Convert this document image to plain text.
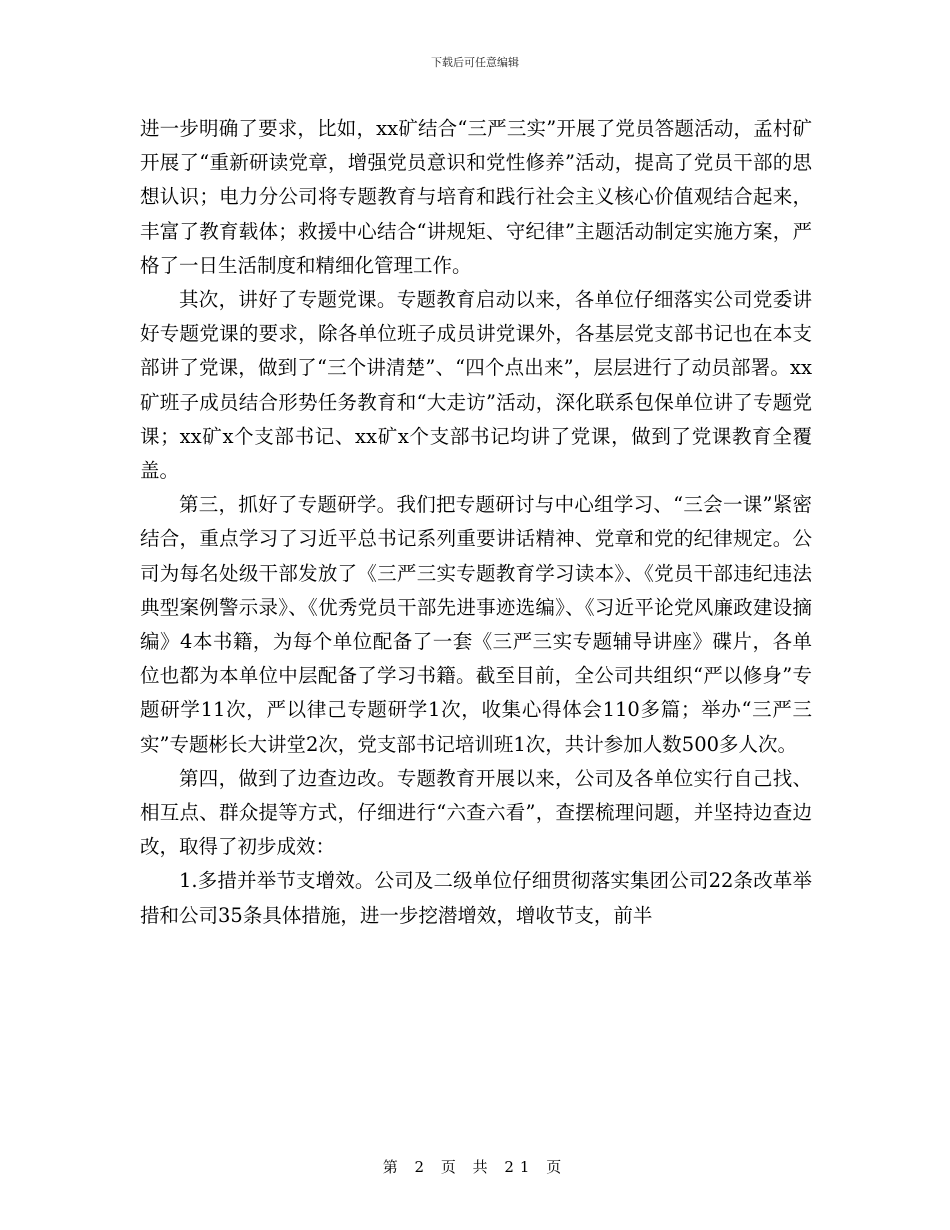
下载后可任意编辑

进一步明确了要求，比如，xx矿结合“三严三实”开展了党员答题活动，孟村矿开展了“重新研读党章，增强党员意识和党性修养”活动，提高了党员干部的思想认识；电力分公司将专题教育与培育和践行社会主义核心价值观结合起来，丰富了教育载体；救援中心结合“讲规矩、守纪律”主题活动制定实施方案，严格了一日生活制度和精细化管理工作。

其次，讲好了专题党课。专题教育启动以来，各单位仔细落实公司党委讲好专题党课的要求，除各单位班子成员讲党课外，各基层党支部书记也在本支部讲了党课，做到了“三个讲清楚”、“四个点出来”，层层进行了动员部署。xx矿班子成员结合形势任务教育和“大走访”活动，深化联系包保单位讲了专题党课；xx矿x个支部书记、xx矿x个支部书记均讲了党课，做到了党课教育全覆盖。

第三，抓好了专题研学。我们把专题研讨与中心组学习、“三会一课”紧密结合，重点学习了习近平总书记系列重要讲话精神、党章和党的纪律规定。公司为每名处级干部发放了《三严三实专题教育学习读本》、《党员干部违纪违法典型案例警示录》、《优秀党员干部先进事迹选编》、《习近平论党风廉政建设摘编》4本书籍，为每个单位配备了一套《三严三实专题辅导讲座》碟片，各单位也都为本单位中层配备了学习书籍。截至目前，全公司共组织“严以修身”专题研学11次，严以律己专题研学1次，收集心得体会110多篇；举办“三严三实”专题彬长大讲堂2次，党支部书记培训班1次，共计参加人数500多人次。

第四，做到了边查边改。专题教育开展以来，公司及各单位实行自己找、相互点、群众提等方式，仔细进行“六查六看”，查摆梳理问题，并坚持边查边改，取得了初步成效：

1.多措并举节支增效。公司及二级单位仔细贯彻落实集团公司22条改革举措和公司35条具体措施，进一步挖潜增效，增收节支，前半

第 2 页 共 21 页
